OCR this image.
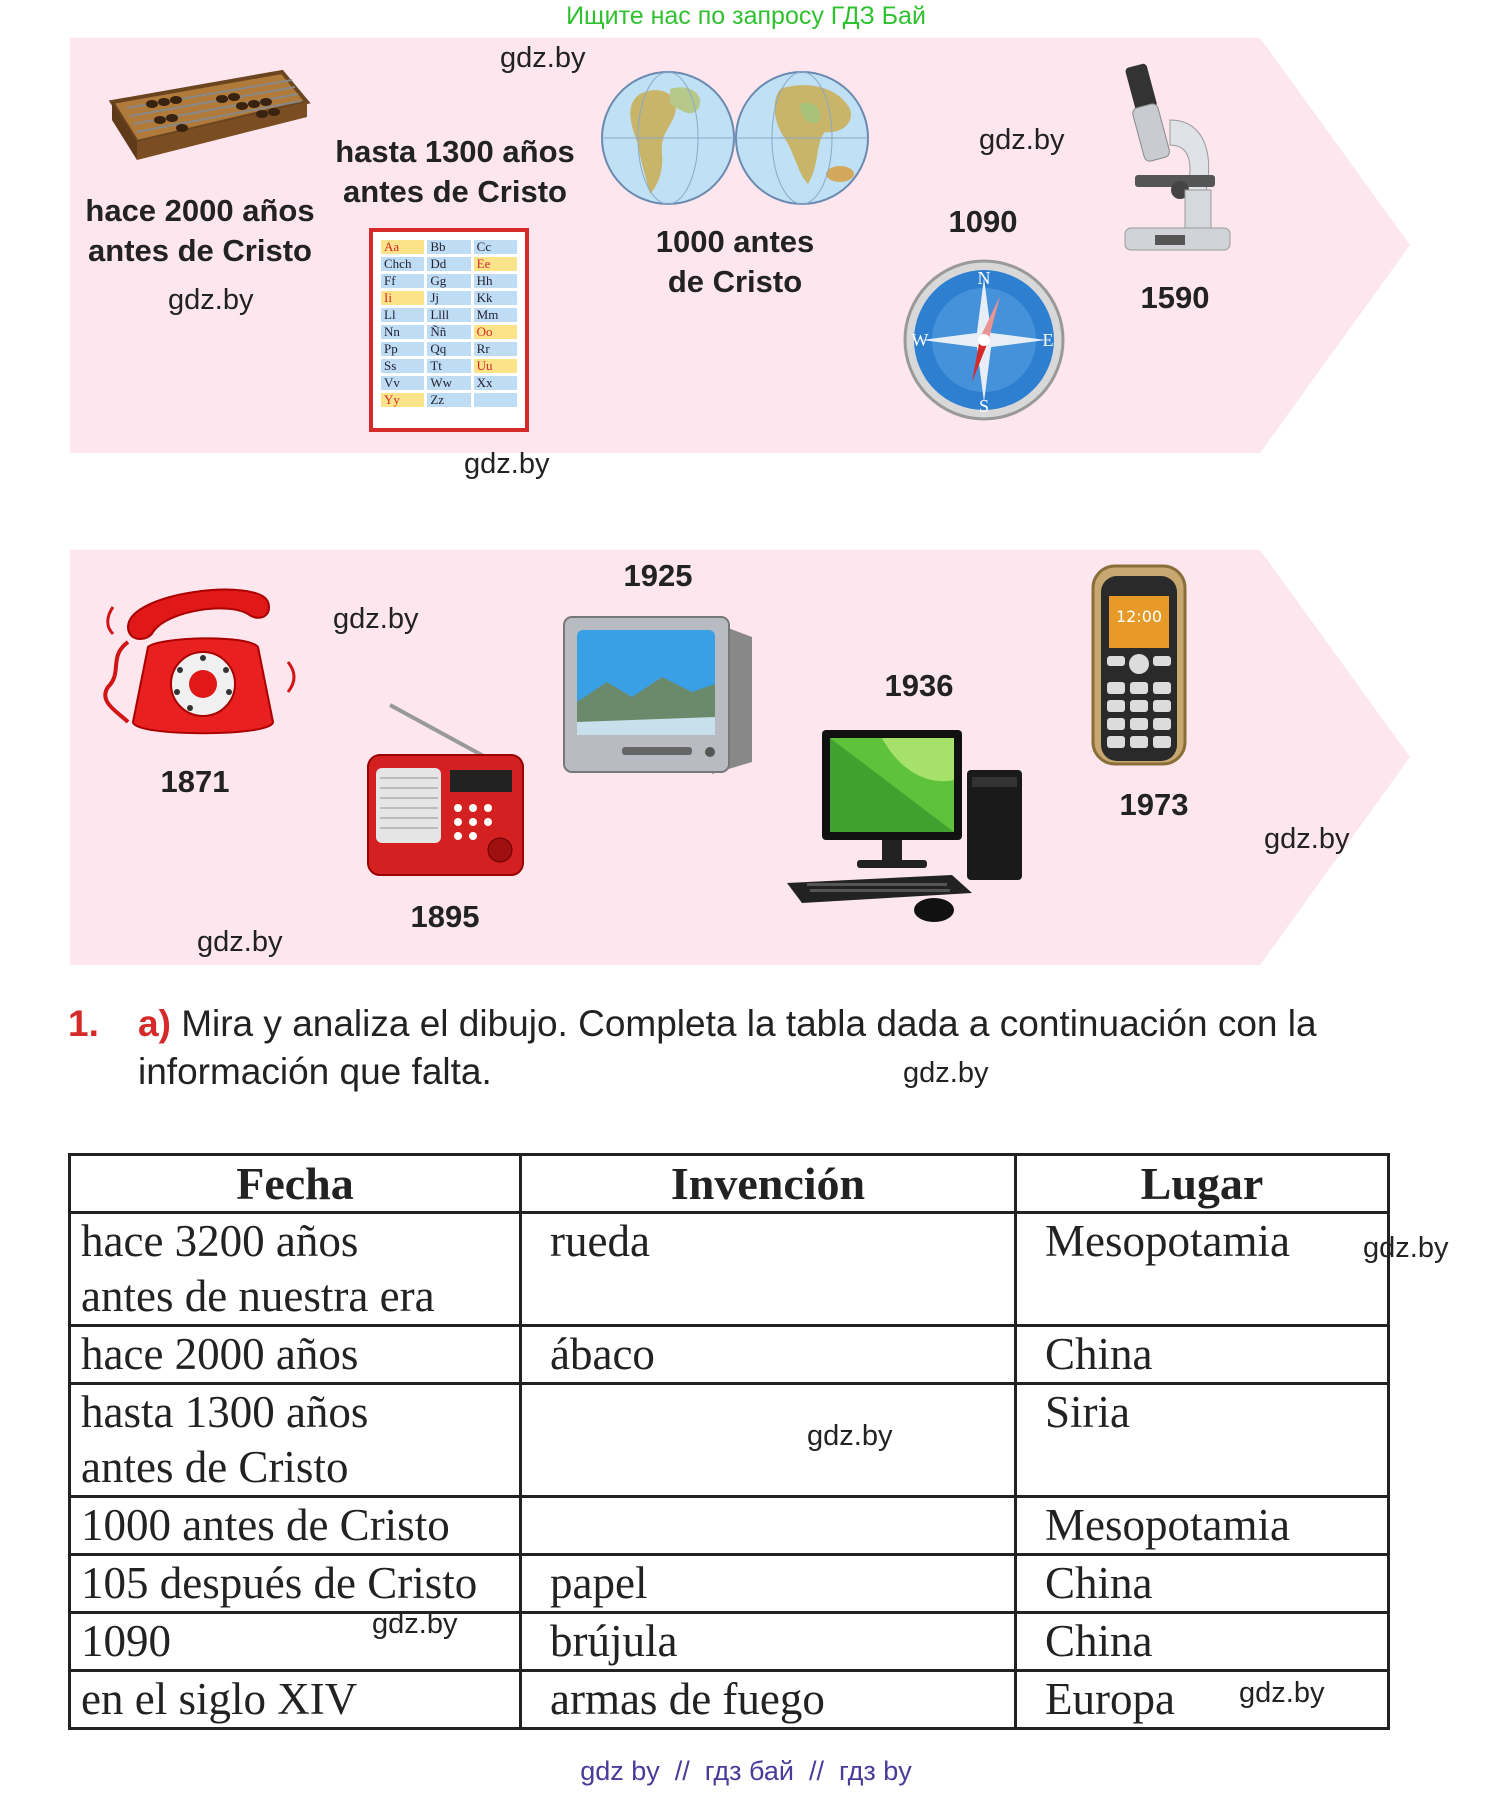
Ищите нас по запросу ГДЗ Бай
hace 2000 años
antes de Cristo
gdz.by
hasta 1300 años
antes de Cristo
gdz.by
Aa	Bb	Cc
Chch	Dd	Ee
Ff	Gg	Hh
Ii	Jj	Kk
Ll	Llll	Mm
Nn	Ññ	Oo
Pp	Qq	Rr
Ss	Tt	Uu
Vv	Ww	Xx
Yy	Zz
gdz.by
1000 antes
de Cristo
1090
gdz.by
N
S
E
W
1590
1871
gdz.by
1895
gdz.by
1925
1936
12:00
1973
gdz.by
1. a) Mira y analiza el dibujo. Completa la tabla dada a continuación con la información que falta.	gdz.by
Fecha	Invención	Lugar

hace 3200 años
antes de nuestra era	rueda	Mesopotamia

hace 2000 años	ábaco	China

hasta 1300 años
antes de Cristo		Siria

1000 antes de Cristo		Mesopotamia

105 después de Cristo	papel	China

1090	brújula	China

en el siglo XIV	armas de fuego	Europa
gdz.by
gdz.by
gdz.by
gdz.by
gdz by  //  гдз бай  //  гдз by
